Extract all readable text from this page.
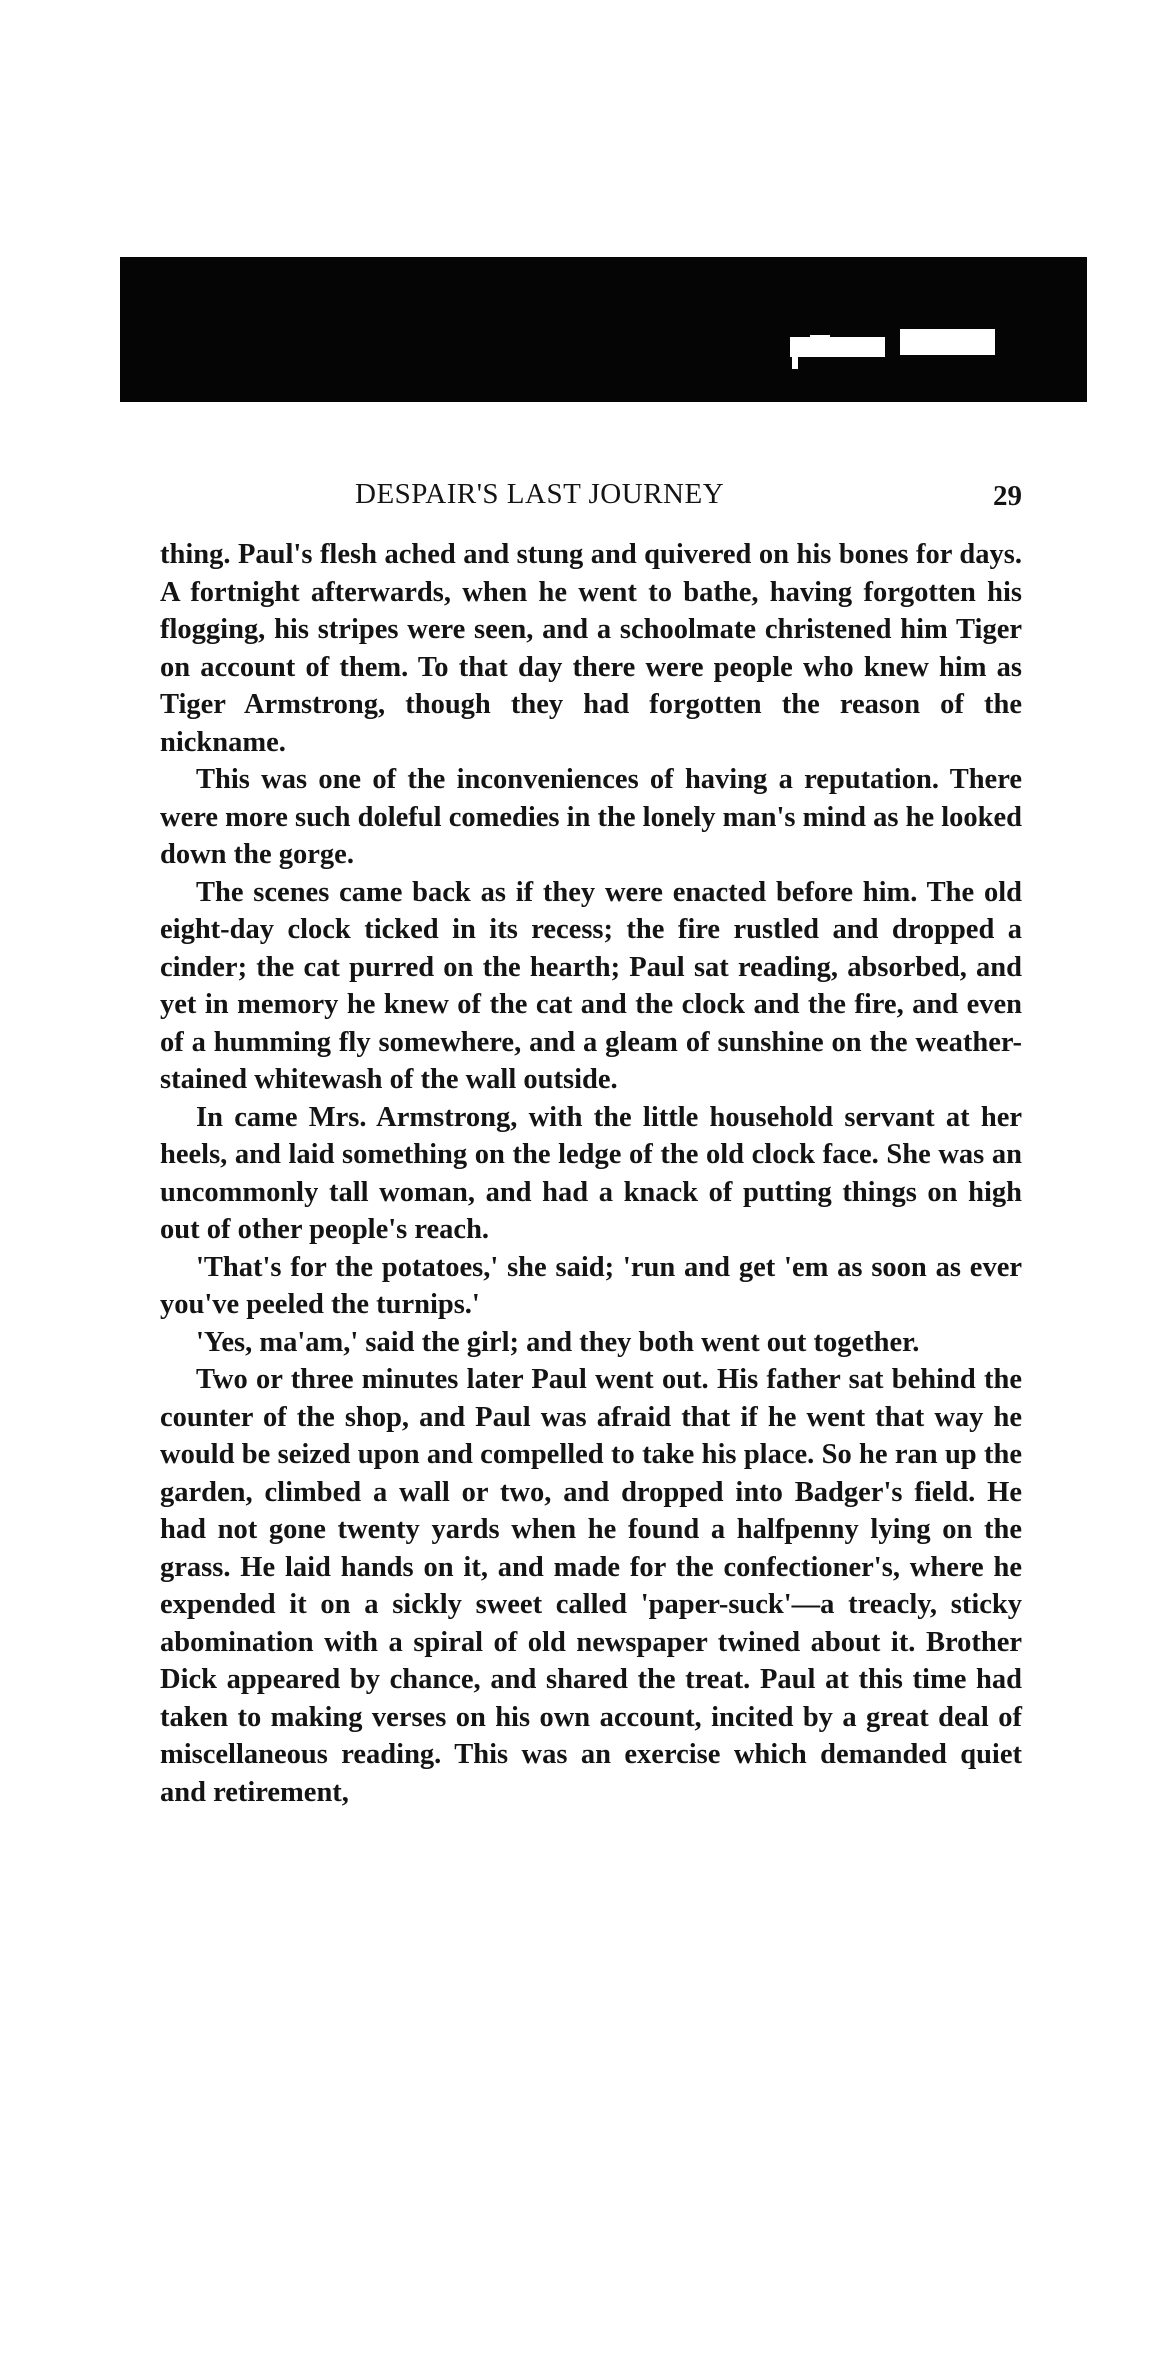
DESPAIR'S LAST JOURNEY	29

thing. Paul's flesh ached and stung and quivered on his bones for days. A fortnight afterwards, when he went to bathe, having forgotten his flogging, his stripes were seen, and a schoolmate christened him Tiger on account of them. To that day there were people who knew him as Tiger Armstrong, though they had forgotten the reason of the nickname.

This was one of the inconveniences of having a reputation. There were more such doleful comedies in the lonely man's mind as he looked down the gorge.

The scenes came back as if they were enacted before him. The old eight-day clock ticked in its recess; the fire rustled and dropped a cinder; the cat purred on the hearth; Paul sat reading, absorbed, and yet in memory he knew of the cat and the clock and the fire, and even of a humming fly somewhere, and a gleam of sunshine on the weather-stained whitewash of the wall outside.

In came Mrs. Armstrong, with the little household servant at her heels, and laid something on the ledge of the old clock face. She was an uncommonly tall woman, and had a knack of putting things on high out of other people's reach.

'That's for the potatoes,' she said; 'run and get 'em as soon as ever you've peeled the turnips.'

'Yes, ma'am,' said the girl; and they both went out together.

Two or three minutes later Paul went out. His father sat behind the counter of the shop, and Paul was afraid that if he went that way he would be seized upon and compelled to take his place. So he ran up the garden, climbed a wall or two, and dropped into Badger's field. He had not gone twenty yards when he found a halfpenny lying on the grass. He laid hands on it, and made for the confectioner's, where he expended it on a sickly sweet called 'paper-suck'—a treacly, sticky abomination with a spiral of old newspaper twined about it. Brother Dick appeared by chance, and shared the treat. Paul at this time had taken to making verses on his own account, incited by a great deal of miscellaneous reading. This was an exercise which demanded quiet and retirement,
